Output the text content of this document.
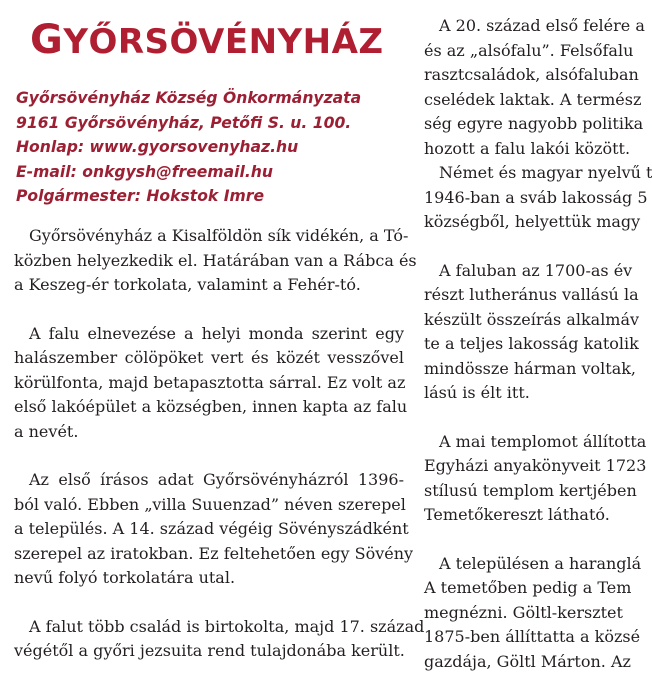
GYŐRSÖVÉNYHÁZ
Győrsövényház Község Önkormányzata
9161 Győrsövényház, Petőfi S. u. 100.
Honlap: www.gyorsovenyhaz.hu
E-mail: onkgysh@freemail.hu
Polgármester: Hokstok Imre
Győrsövényház a Kisalföldön sík vidékén, a Tó-
közben helyezkedik el. Határában van a Rábca és
a Keszeg-ér torkolata, valamint a Fehér-tó.
A falu elnevezése a helyi monda szerint egy
halászember cölöpöket vert és közét vesszővel
körülfonta, majd betapasztotta sárral. Ez volt az
első lakóépület a községben, innen kapta az falu
a nevét.
Az első írásos adat Győrsövényházról 1396-
ból való. Ebben „villa Suuenzad” néven szerepel
a település. A 14. század végéig Sövényszádként
szerepel az iratokban. Ez feltehetően egy Sövény
nevű folyó torkolatára utal.
A falut több család is birtokolta, majd 17. század
végétől a győri jezsuita rend tulajdonába került.
A 20. század első felére a
és az „alsófalu”. Felsőfalu
rasztcsaládok, alsófaluban
cselédek laktak. A termész
ség egyre nagyobb politika
hozott a falu lakói között.
Német és magyar nyelvű t
1946-ban a sváb lakosság 5
községből, helyettük magy
A faluban az 1700-as év
részt lutheránus vallású la
készült összeírás alkalmáv
te a teljes lakosság katolik
mindössze hárman voltak,
lású is élt itt.
A mai templomot állította
Egyházi anyakönyveit 1723
stílusú templom kertjében
Temetőkereszt látható.
A településen a haranglá
A temetőben pedig a Tem
megnézni. Göltl-kersztet
1875-ben állíttatta a közsé
gazdája, Göltl Márton. Az
